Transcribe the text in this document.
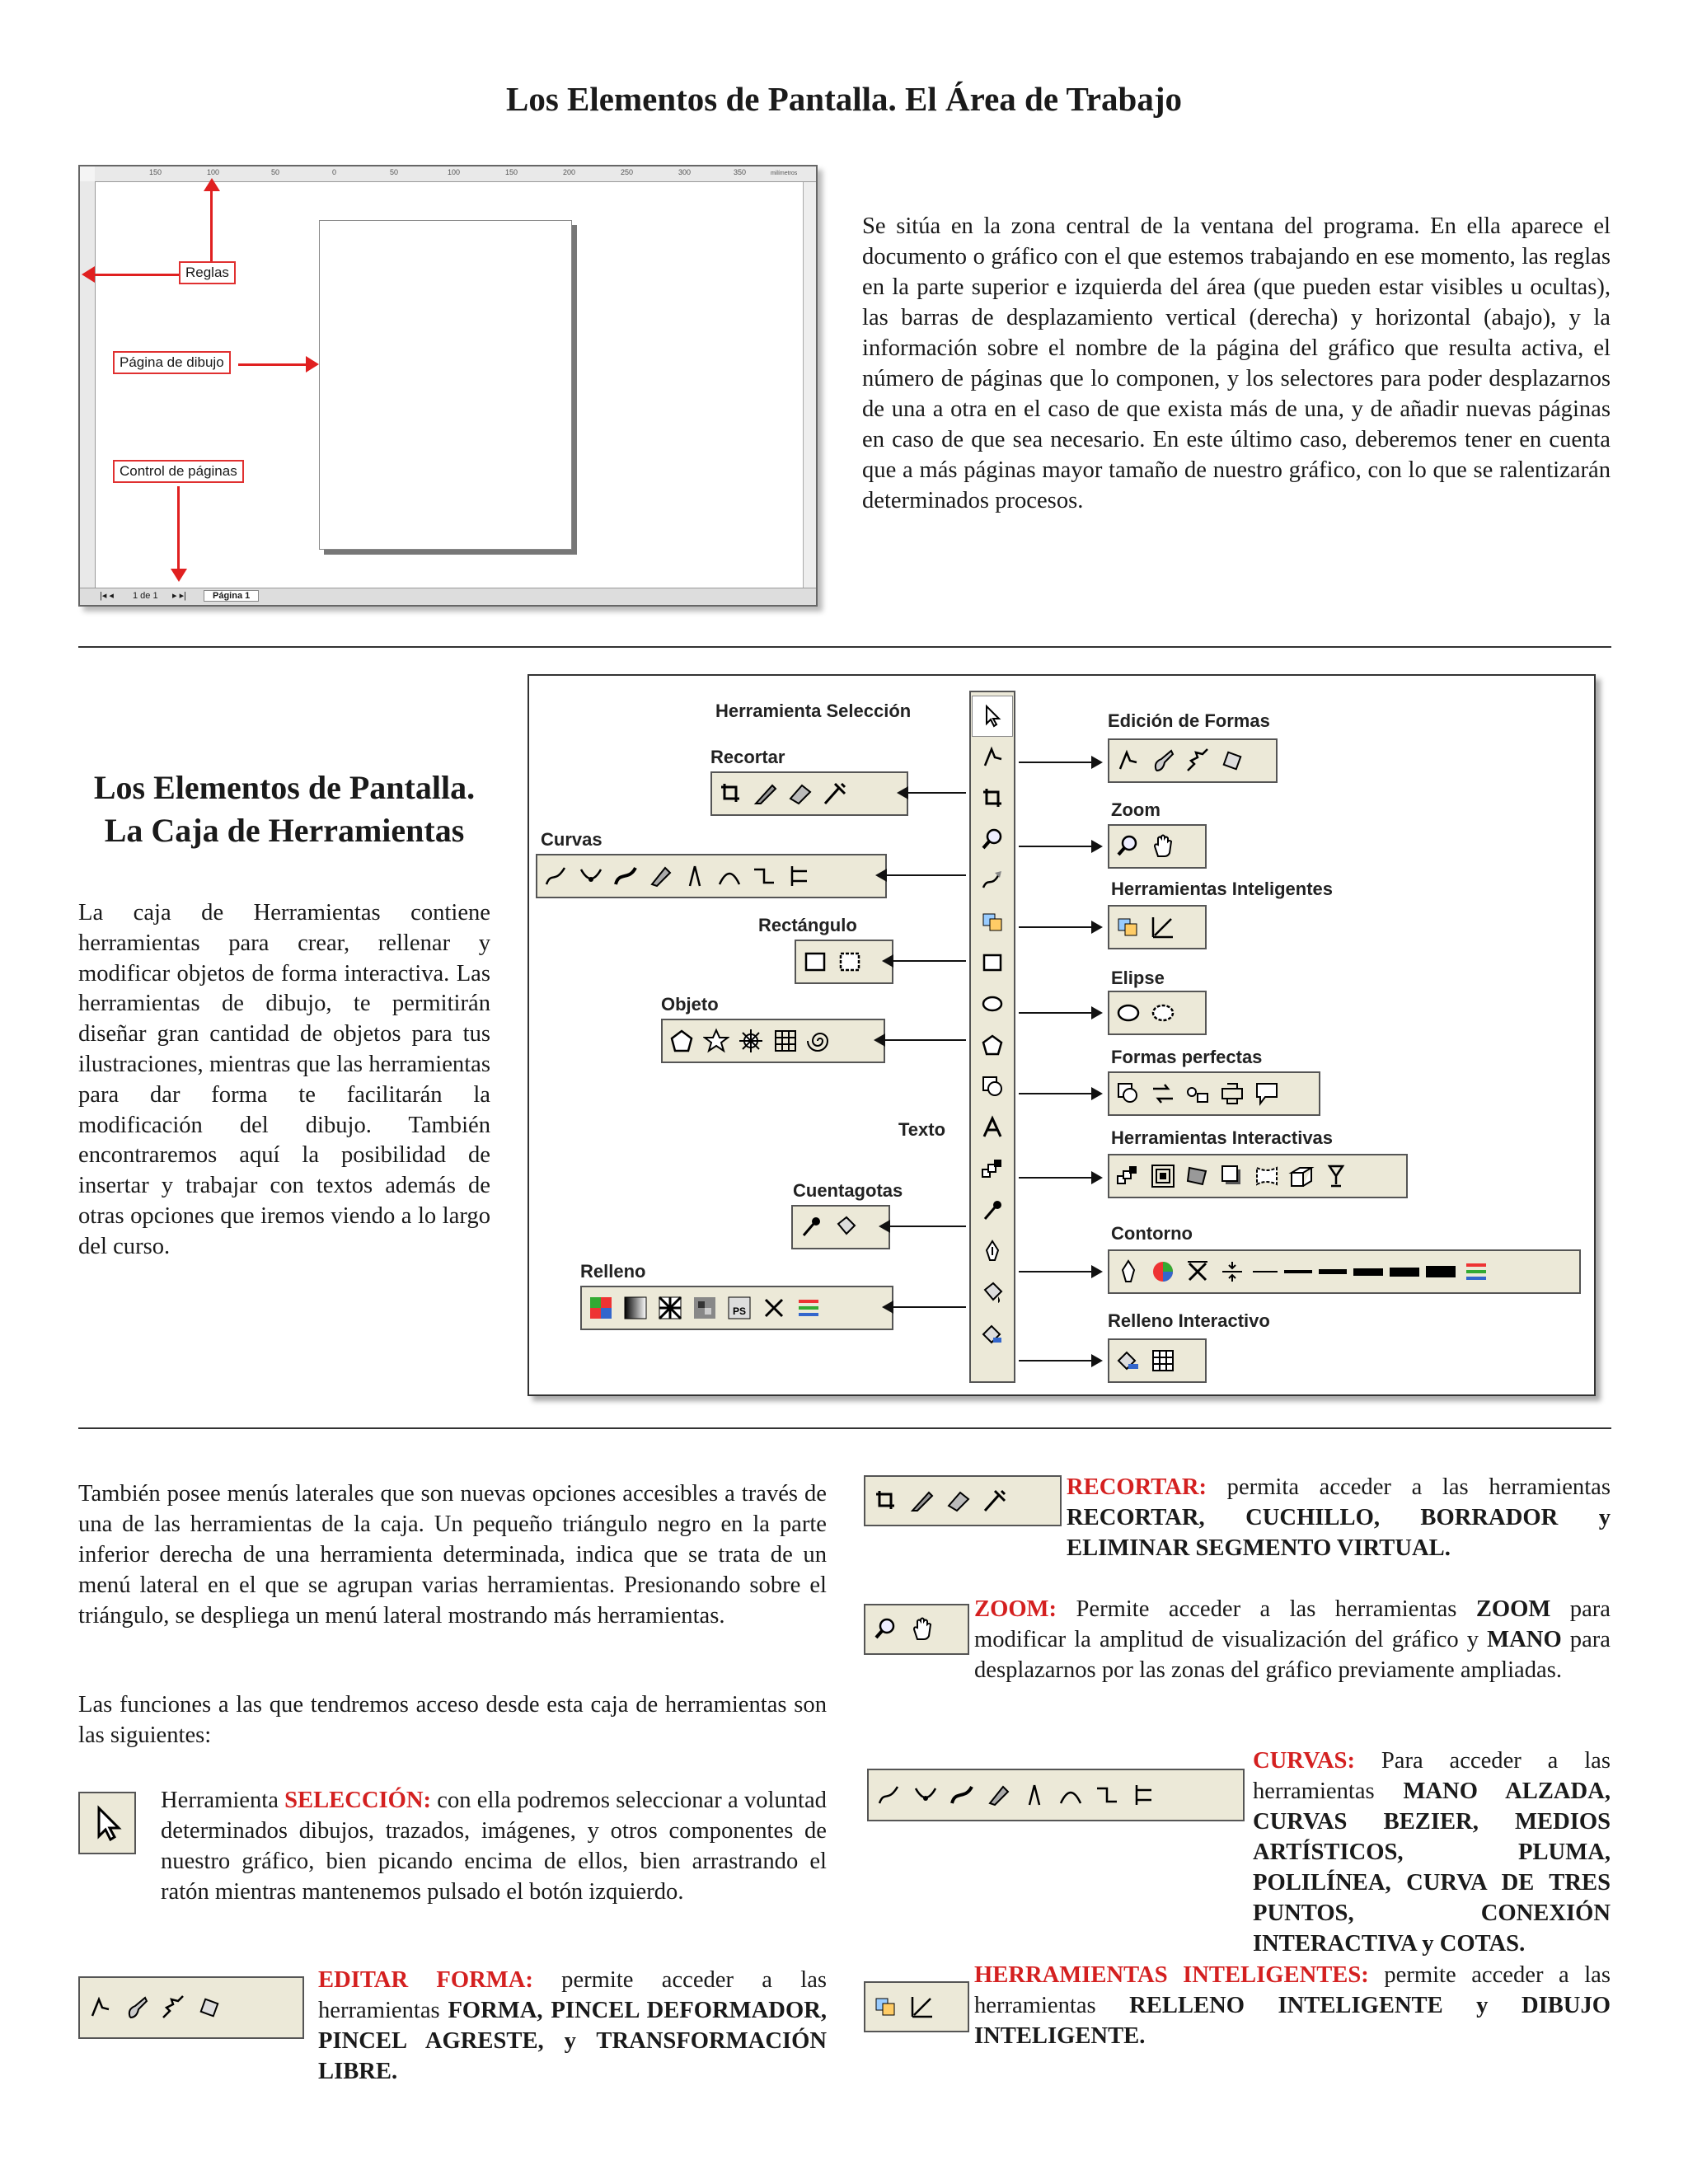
Los Elementos de Pantalla. El Área de Trabajo
150	100	50	0	50	100	150	200	250	300	350	milímetros
|◂ ◂ 1 de 1 ▸ ▸|	Página 1
Reglas
Página de dibujo
Control de páginas
Se sitúa en la zona central de la ventana del programa. En ella aparece el documento o gráfico con el que estemos trabajando en ese momento, las reglas en la parte superior e izquierda del área (que pueden estar visibles u ocultas), las barras de desplazamiento vertical (derecha) y horizontal (abajo), y la información sobre el nombre de la página del gráfico que resulta activa, el número de páginas que lo componen, y los selectores para poder desplazarnos de una a otra en el caso de que exista más de una, y de añadir nuevas páginas en caso de que sea necesario. En este último caso, deberemos tener en cuenta que a más páginas mayor tamaño de nuestro gráfico, con lo que se ralentizarán determinados procesos.
Los Elementos de Pantalla. La Caja de Herramientas
La caja de Herramientas contiene herramientas para crear, rellenar y modificar objetos de forma interactiva. Las herramientas de dibujo, te permitirán diseñar gran cantidad de objetos para tus ilustraciones, mientras que las herramientas para dar forma te facilitarán la modificación del dibujo. También encontraremos aquí la posibilidad de insertar y trabajar con textos además de otras opciones que iremos viendo a lo largo del curso.
Herramienta Selección
Recortar
Curvas
Rectángulo
Objeto
Texto
Cuentagotas
Relleno
Edición de Formas
Zoom
Herramientas Inteligentes
Elipse
Formas perfectas
Herramientas Interactivas
Contorno
Relleno Interactivo
PS
También posee menús laterales que son nuevas opciones accesibles a través de una de las herramientas de la caja. Un pequeño triángulo negro en la parte inferior derecha de una herramienta determinada, indica que se trata de un menú lateral en el que se agrupan varias herramientas. Presionando sobre el triángulo, se despliega un menú lateral mostrando más herramientas.
Las funciones a las que tendremos acceso desde esta caja de herramientas son las siguientes:
Herramienta SELECCIÓN: con ella podremos seleccionar a voluntad determinados dibujos, trazados, imágenes, y otros componentes de nuestro gráfico, bien picando encima de ellos, bien arrastrando el ratón mientras mantenemos pulsado el botón izquierdo.
EDITAR FORMA: permite acceder a las herramientas FORMA, PINCEL DEFORMADOR, PINCEL AGRESTE, y TRANSFORMACIÓN LIBRE.
RECORTAR: permita acceder a las herramientas RECORTAR, CUCHILLO, BORRADOR y ELIMINAR SEGMENTO VIRTUAL.
ZOOM: Permite acceder a las herramientas ZOOM para modificar la amplitud de visualización del gráfico y MANO para desplazarnos por las zonas del gráfico previamente ampliadas.
CURVAS: Para acceder a las herramientas MANO ALZADA, CURVAS BEZIER, MEDIOS ARTÍSTICOS, PLUMA, POLILÍNEA, CURVA DE TRES PUNTOS, CONEXIÓN INTERACTIVA y COTAS.
HERRAMIENTAS INTELIGENTES: permite acceder a las herramientas RELLENO INTELIGENTE y DIBUJO INTELIGENTE.
